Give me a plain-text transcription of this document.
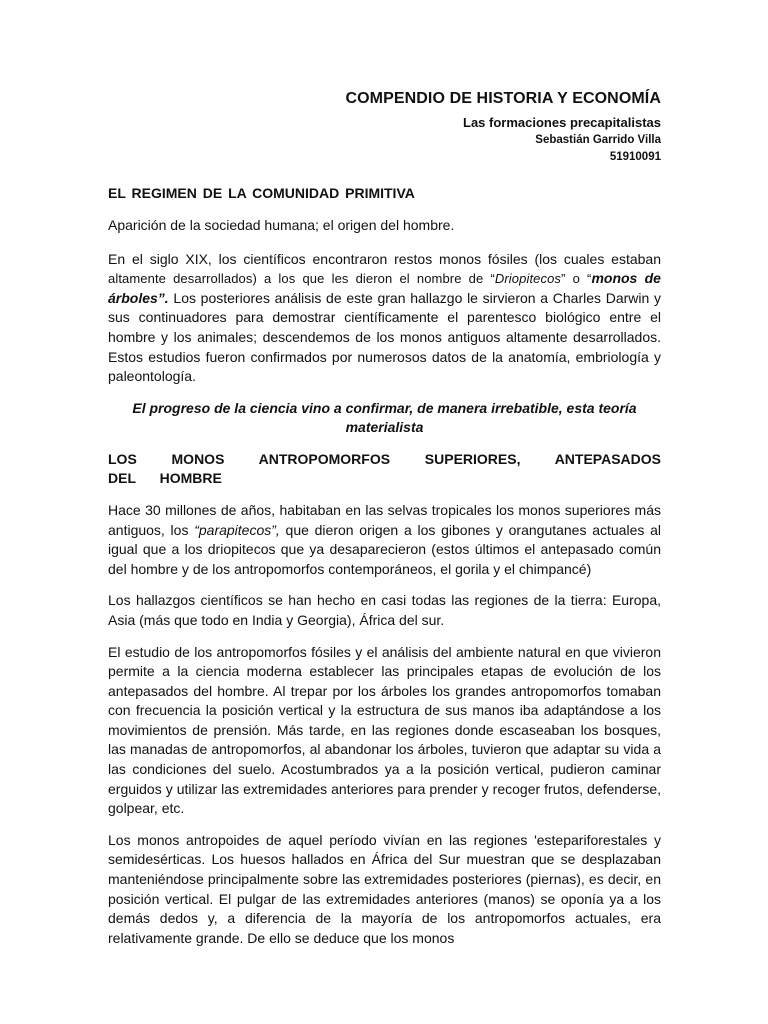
COMPENDIO DE HISTORIA Y ECONOMÍA
Las formaciones precapitalistas
Sebastián Garrido Villa
51910091
EL REGIMEN DE LA COMUNIDAD PRIMITIVA

Aparición de la sociedad humana; el origen del hombre.

En el siglo XIX, los científicos encontraron restos monos fósiles (los cuales estaban altamente desarrollados) a los que les dieron el nombre de “Driopitecos” o “monos de árboles”. Los posteriores análisis de este gran hallazgo le sirvieron a Charles Darwin y sus continuadores para demostrar científicamente el parentesco biológico entre el hombre y los animales; descendemos de los monos antiguos altamente desarrollados. Estos estudios fueron confirmados por numerosos datos de la anatomía, embriología y paleontología.

El progreso de la ciencia vino a confirmar, de manera irrebatible, esta teoría materialista

LOS MONOS ANTROPOMORFOS SUPERIORES, ANTEPASADOS DEL HOMBRE

Hace 30 millones de años, habitaban en las selvas tropicales los monos superiores más antiguos, los “parapitecos”, que dieron origen a los gibones y orangutanes actuales al igual que a los driopitecos que ya desaparecieron (estos últimos el antepasado común del hombre y de los antropomorfos contemporáneos, el gorila y el chimpancé)

Los hallazgos científicos se han hecho en casi todas las regiones de la tierra: Europa, Asia (más que todo en India y Georgia), África del sur.

El estudio de los antropomorfos fósiles y el análisis del ambiente natural en que vivieron permite a la ciencia moderna establecer las principales etapas de evolución de los antepasados del hombre. Al trepar por los árboles los grandes antropomorfos tomaban con frecuencia la posición vertical y la estructura de sus manos iba adaptándose a los movimientos de prensión. Más tarde, en las regiones donde escaseaban los bosques, las manadas de antropomorfos, al abandonar los árboles, tuvieron que adaptar su vida a las condiciones del suelo. Acostumbrados ya a la posición vertical, pudieron caminar erguidos y utilizar las extremidades anteriores para prender y recoger frutos, defenderse, golpear, etc.

Los monos antropoides de aquel período vivían en las regiones 'estepariforestales y semidesérticas. Los huesos hallados en África del Sur muestran que se desplazaban manteniéndose principalmente sobre las extremidades posteriores (piernas), es decir, en posición vertical. El pulgar de las extremidades anteriores (manos) se oponía ya a los demás dedos y, a diferencia de la mayoría de los antropomorfos actuales, era relativamente grande. De ello se deduce que los monos
